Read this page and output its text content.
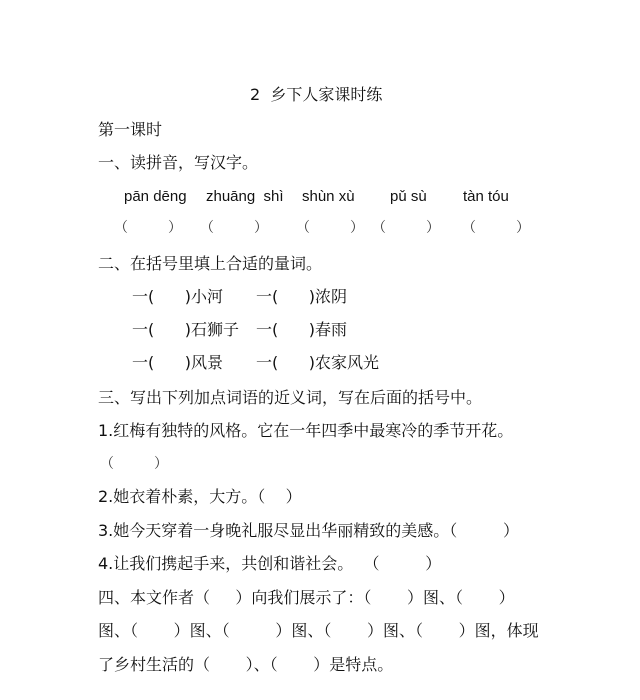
2  乡下人家课时练
第一课时
一、读拼音，写汉字。
pān dēng zhuāng  shì shùn xù pǔ sù tàn tóu
（         ） （         ） （         ） （         ） （         ）
二、在括号里填上合适的量词。
一(      )小河 一(      )浓阴
一(      )石狮子 一(      )春雨
一(      )风景 一(      )农家风光
三、写出下列加点词语的近义词，写在后面的括号中。
1.红梅有独特的风格。它在一年四季中最寒冷的季节开花。
（         ）
2.她衣着朴素，大方。（    ）
3.她今天穿着一身晚礼服尽显出华丽精致的美感。（         ）
4.让我们携起手来，共创和谐社会。  （         ）
四、本文作者（     ）向我们展示了：（       ）图、（       ）
图、（       ）图、（         ）图、（       ）图、（       ）图，体现
了乡村生活的（       ）、（       ）是特点。
